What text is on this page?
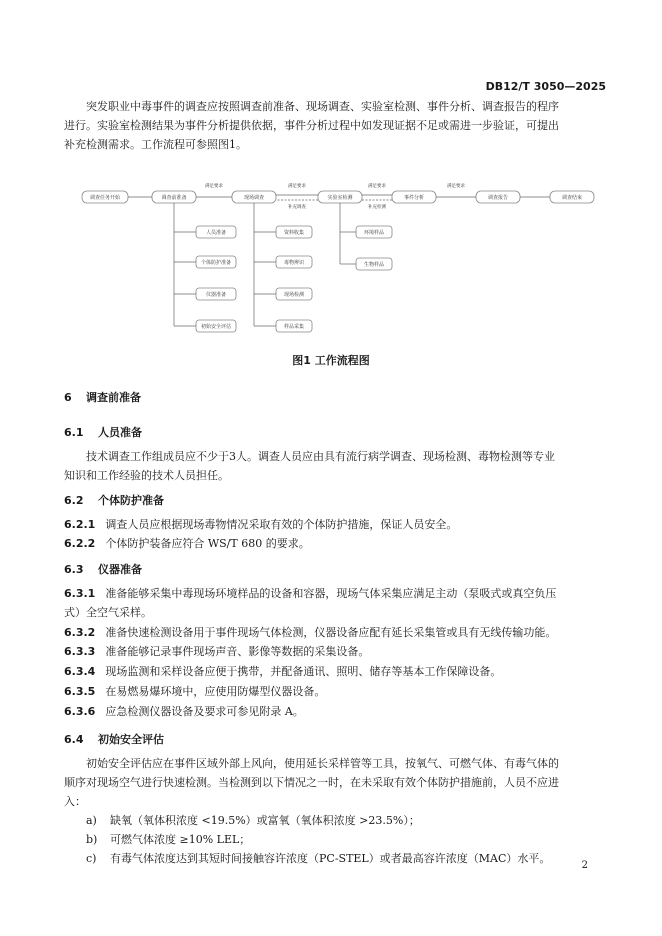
DB12/T 3050—2025

突发职业中毒事件的调查应按照调查前准备、现场调查、实验室检测、事件分析、调查报告的程序
进行。实验室检测结果为事件分析提供依据，事件分析过程中如发现证据不足或需进一步验证，可提出
补充检测需求。工作流程可参照图1。

调查任务开始	调查前准备	现场调查	实验室检测	事件分析	调查报告	调查结束
满足要求	满足要求
补充调查
满足要求
补充检测
满足要求
人员准备
个体防护准备
仪器准备
初始安全评估
资料收集
毒物辨识
现场检测
样品采集
环境样品
生物样品
图1 工作流程图
6 调查前准备
6.1 人员准备

技术调查工作组成员应不少于3人。调查人员应由具有流行病学调查、现场检测、毒物检测等专业
知识和工作经验的技术人员担任。

6.2 个体防护准备

6.2.1 调查人员应根据现场毒物情况采取有效的个体防护措施，保证人员安全。

6.2.2 个体防护装备应符合 WS/T 680 的要求。

6.3 仪器准备

6.3.1 准备能够采集中毒现场环境样品的设备和容器，现场气体采集应满足主动（泵吸式或真空负压
式）全空气采样。

6.3.2 准备快速检测设备用于事件现场气体检测，仪器设备应配有延长采集管或具有无线传输功能。

6.3.3 准备能够记录事件现场声音、影像等数据的采集设备。

6.3.4 现场监测和采样设备应便于携带，并配备通讯、照明、储存等基本工作保障设备。

6.3.5 在易燃易爆环境中，应使用防爆型仪器设备。

6.3.6 应急检测仪器设备及要求可参见附录 A。

6.4 初始安全评估

初始安全评估应在事件区域外部上风向，使用延长采样管等工具，按氧气、可燃气体、有毒气体的
顺序对现场空气进行快速检测。当检测到以下情况之一时，在未采取有效个体防护措施前，人员不应进
入：

a) 缺氧（氧体积浓度 <19.5%）或富氧（氧体积浓度 >23.5%）；
b) 可燃气体浓度 ≥10% LEL；
c) 有毒气体浓度达到其短时间接触容许浓度（PC-STEL）或者最高容许浓度（MAC）水平。
2
